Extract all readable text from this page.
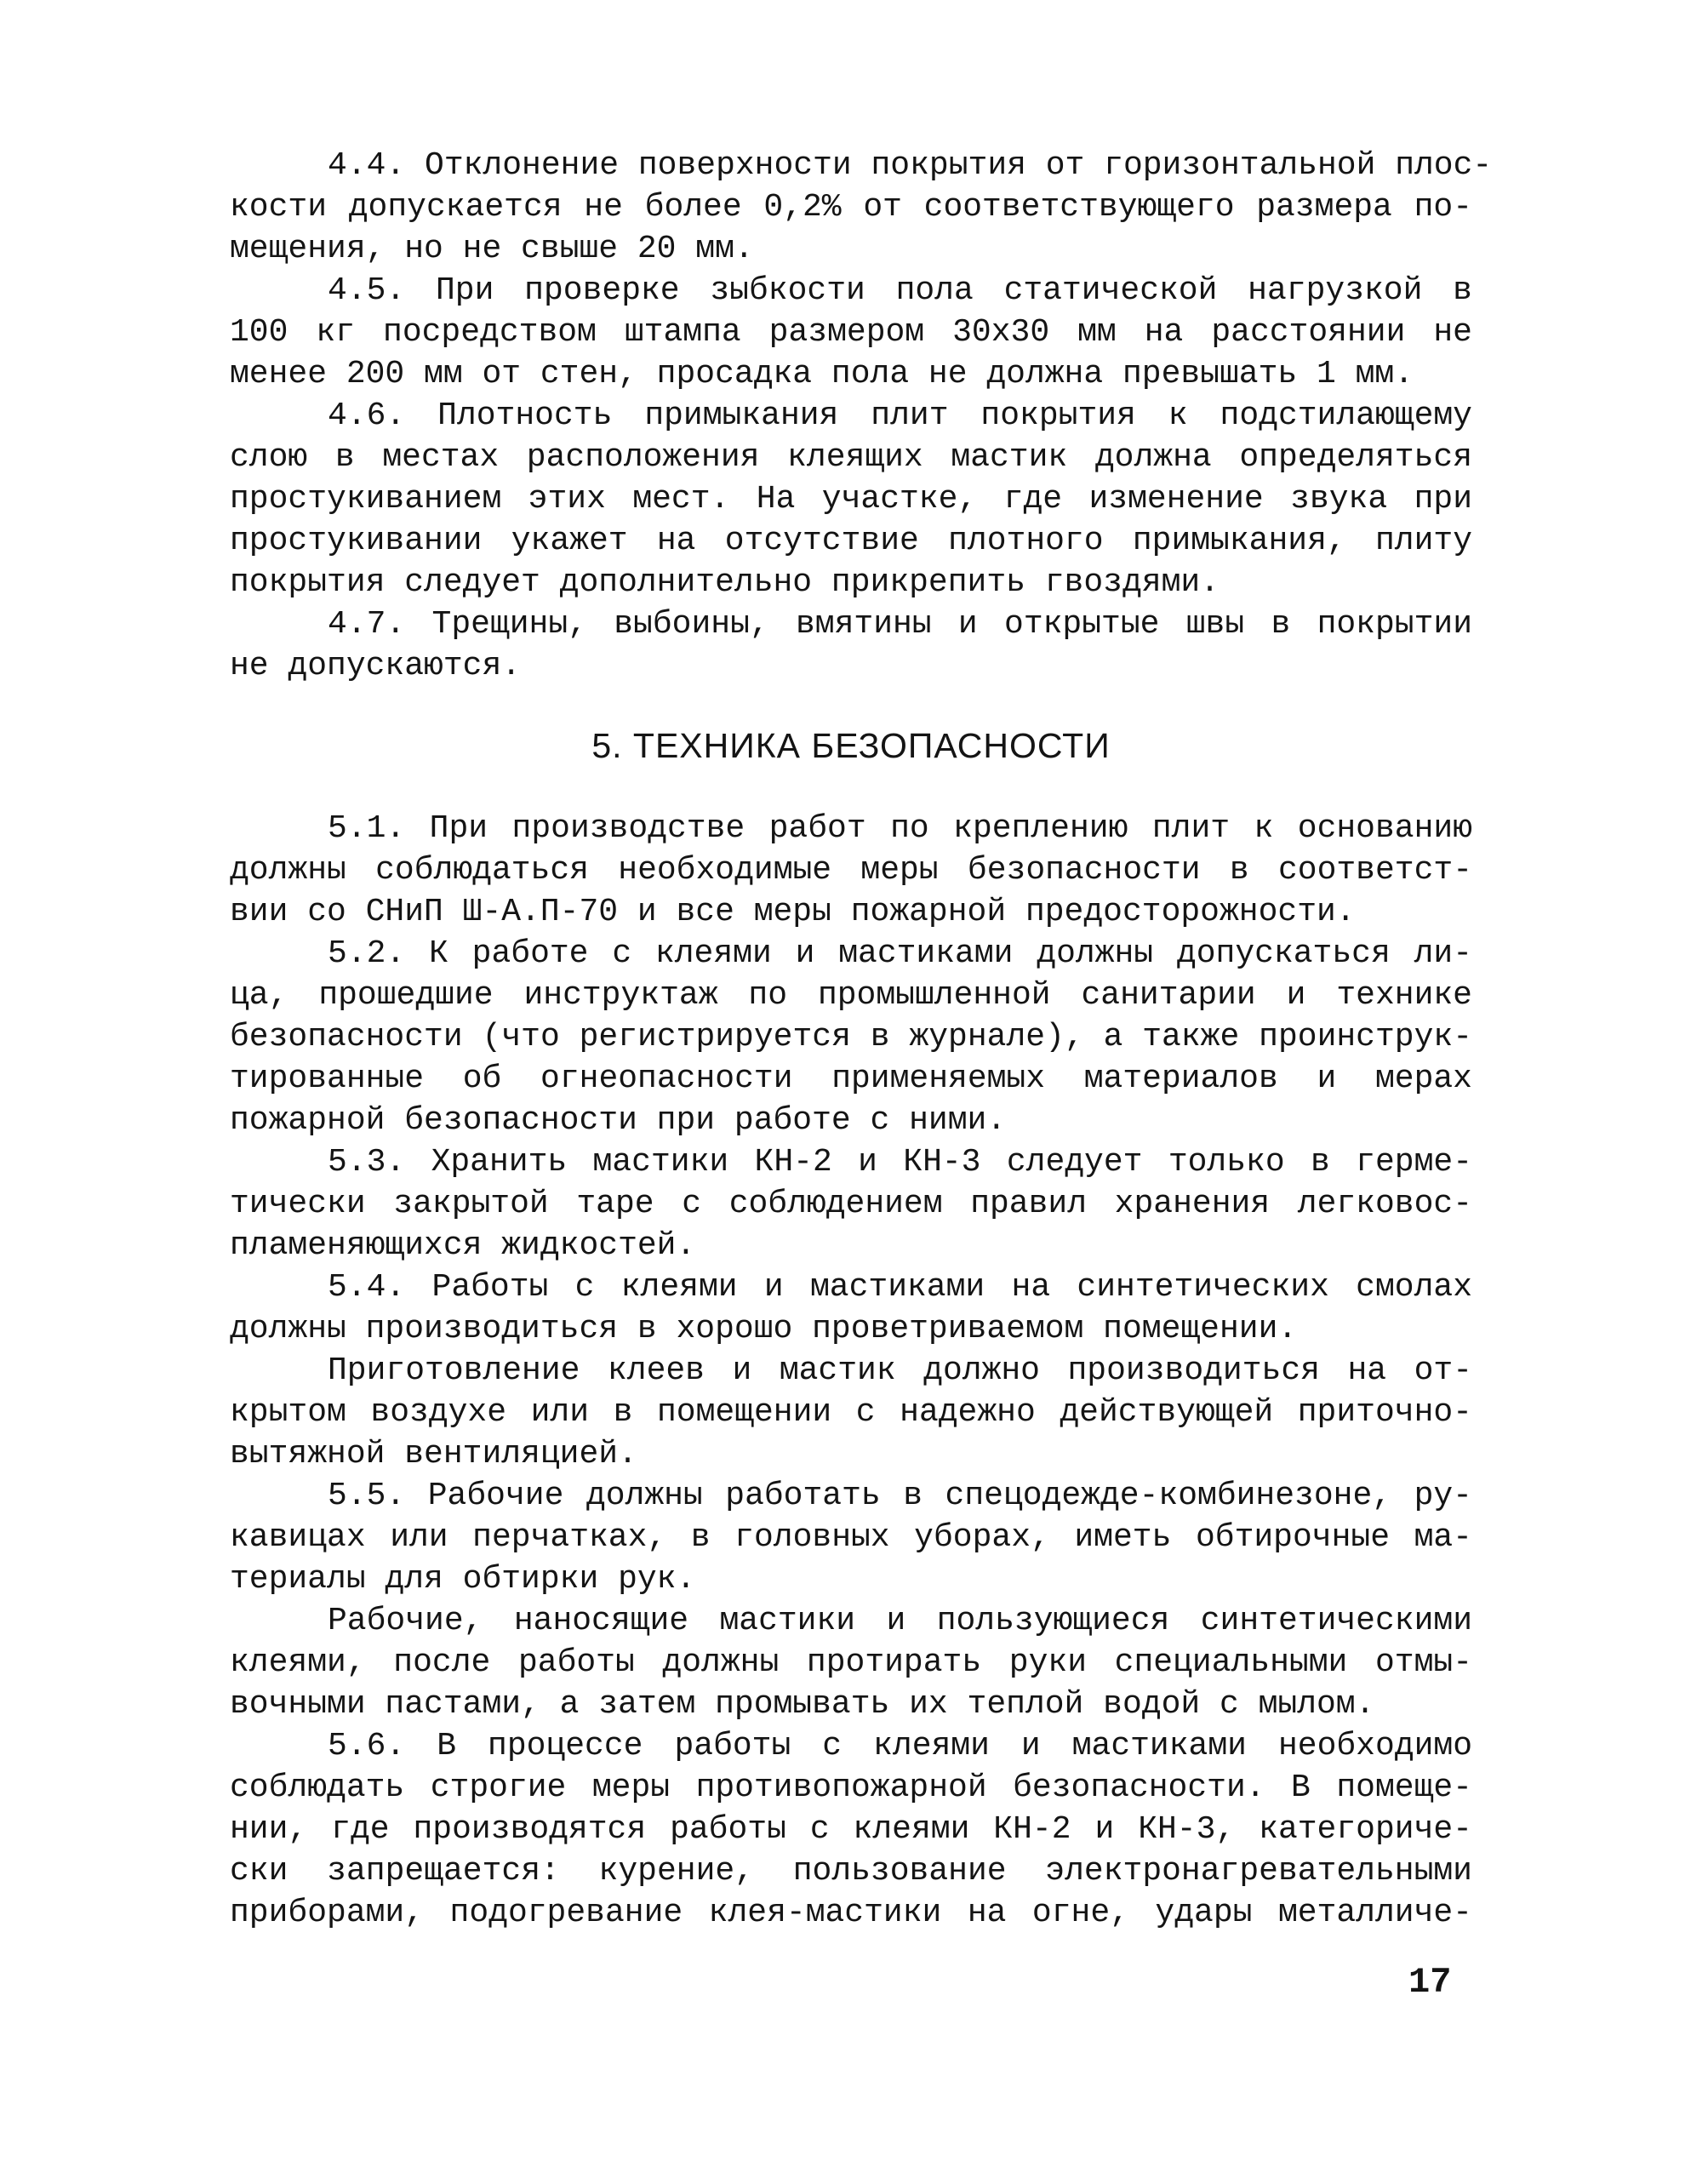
4.4. Отклонение поверхности покрытия от горизонтальной плос-
кости допускается не более 0,2% от соответствующего размера по-
мещения, но не свыше 20 мм.
4.5. При проверке зыбкости пола статической нагрузкой в
100 кг посредством штампа размером 30х30 мм на расстоянии не
менее 200 мм от стен, просадка пола не должна превышать 1 мм.
4.6. Плотность примыкания плит покрытия к подстилающему
слою в местах расположения клеящих мастик должна определяться
простукиванием этих мест. На участке, где изменение звука при
простукивании укажет на отсутствие плотного примыкания, плиту
покрытия следует дополнительно прикрепить гвоздями.
4.7. Трещины, выбоины, вмятины и открытые швы в покрытии
не допускаются.
5. ТЕХНИКА БЕЗОПАСНОСТИ
5.1. При производстве работ по креплению плит к основанию
должны соблюдаться необходимые меры безопасности в соответст-
вии со СНиП Ш-А.П-70 и все меры пожарной предосторожности.
5.2. К работе с клеями и мастиками должны допускаться ли-
ца, прошедшие инструктаж по промышленной санитарии и технике
безопасности (что регистрируется в журнале), а также проинструк-
тированные об огнеопасности применяемых материалов и мерах
пожарной безопасности при работе с ними.
5.3. Хранить мастики КН-2 и КН-3 следует только в герме-
тически закрытой таре с соблюдением правил хранения легковос-
пламеняющихся жидкостей.
5.4. Работы с клеями и мастиками на синтетических смолах
должны производиться в хорошо проветриваемом помещении.
Приготовление клеев и мастик должно производиться на от-
крытом воздухе или в помещении с надежно действующей приточно-
вытяжной вентиляцией.
5.5. Рабочие должны работать в спецодежде-комбинезоне, ру-
кавицах или перчатках, в головных уборах, иметь обтирочные ма-
териалы для обтирки рук.
Рабочие, наносящие мастики и пользующиеся синтетическими
клеями, после работы должны протирать руки специальными отмы-
вочными пастами, а затем промывать их теплой водой с мылом.
5.6. В процессе работы с клеями и мастиками необходимо
соблюдать строгие меры противопожарной безопасности. В помеще-
нии, где производятся работы с клеями КН-2 и КН-3, категориче-
ски запрещается: курение, пользование электронагревательными
приборами, подогревание клея-мастики на огне, удары металличе-
17
